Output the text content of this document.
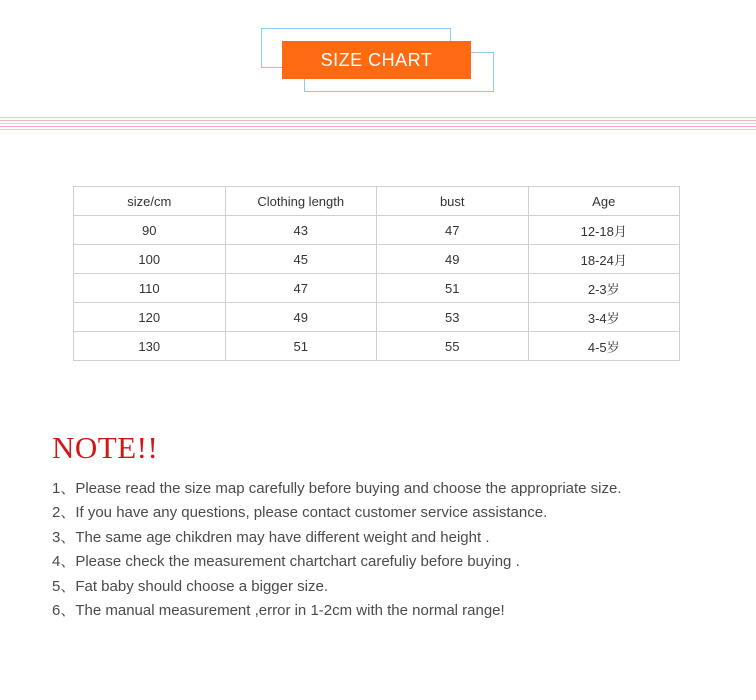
SIZE CHART
size/cm	Clothing length	bust	Age
90	43	47	12-18月
100	45	49	18-24月
110	47	51	2-3岁
120	49	53	3-4岁
130	51	55	4-5岁
NOTE!!
1、Please read the size map carefully before buying and choose the appropriate size.
2、If you have any questions, please contact customer service assistance.
3、The same age chikdren may have different weight and height .
4、Please check the measurement chartchart carefuliy before buying .
5、Fat baby should choose a bigger size.
6、The manual measurement ,error in 1-2cm with the normal range!
